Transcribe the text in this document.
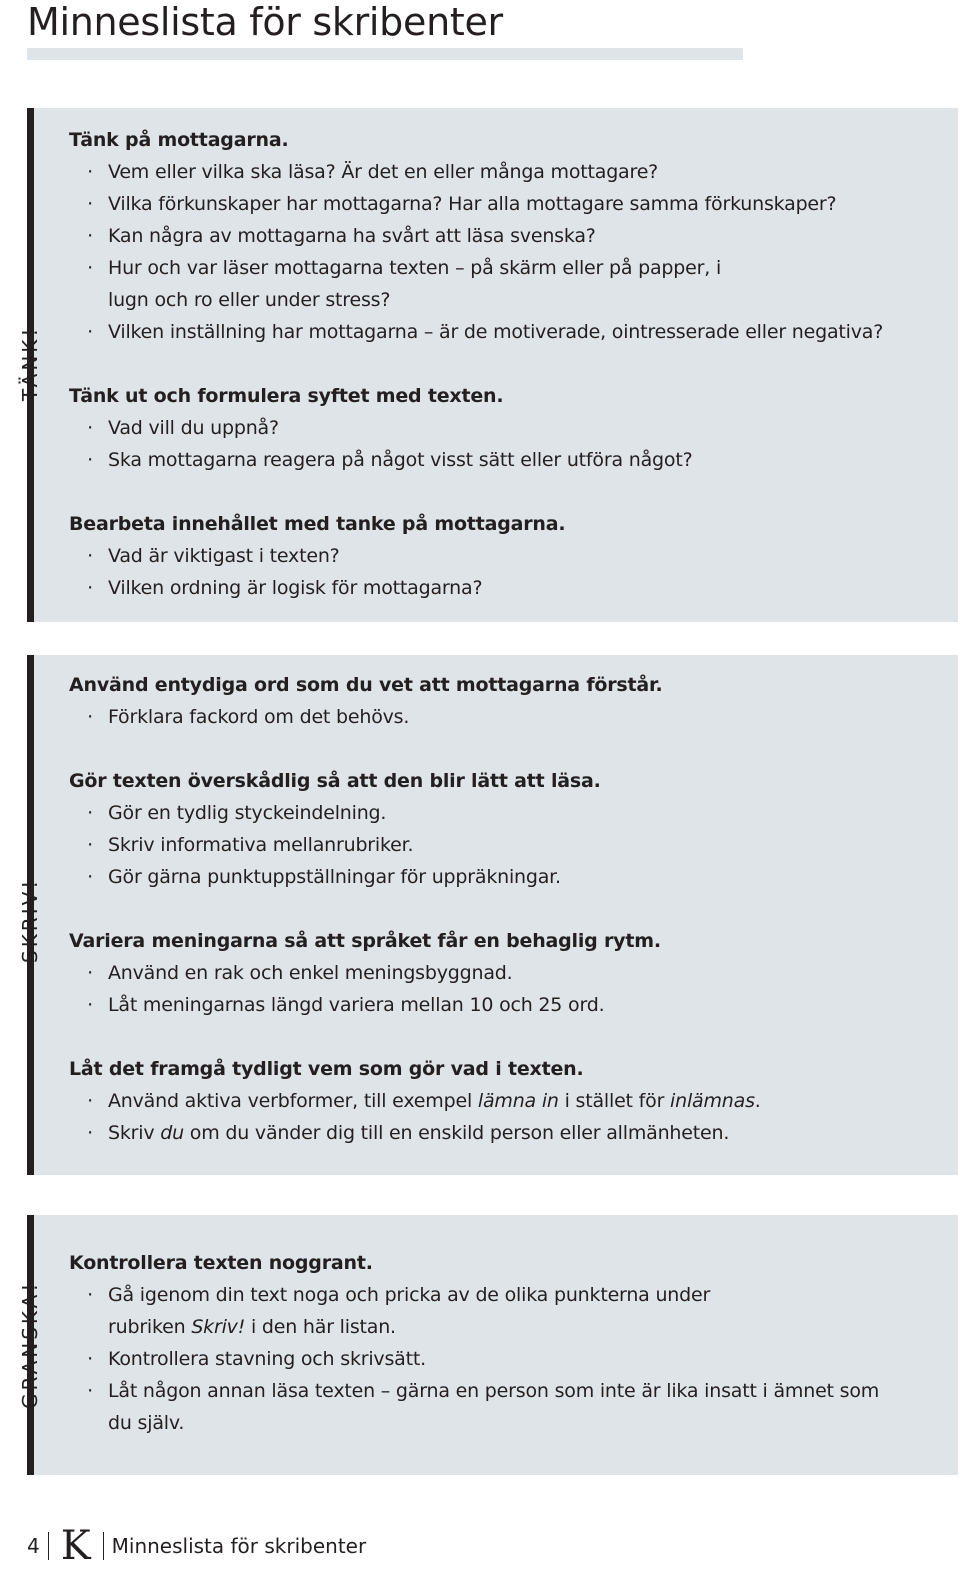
Minneslista för skribenter
TÄNK!

Tänk på mottagarna.

· Vem eller vilka ska läsa? Är det en eller många mottagare?
· Vilka förkunskaper har mottagarna? Har alla mottagare samma förkunskaper?
· Kan några av mottagarna ha svårt att läsa svenska?
· Hur och var läser mottagarna texten – på skärm eller på papper, i lugn och ro eller under stress?
· Vilken inställning har mottagarna – är de motiverade, ointresserade eller negativa?

Tänk ut och formulera syftet med texten.

· Vad vill du uppnå?
· Ska mottagarna reagera på något visst sätt eller utföra något?

Bearbeta innehållet med tanke på mottagarna.

· Vad är viktigast i texten?
· Vilken ordning är logisk för mottagarna?
SKRIV!

Använd entydiga ord som du vet att mottagarna förstår.

· Förklara fackord om det behövs.

Gör texten överskådlig så att den blir lätt att läsa.

· Gör en tydlig styckeindelning.
· Skriv informativa mellanrubriker.
· Gör gärna punktuppställningar för uppräkningar.

Variera meningarna så att språket får en behaglig rytm.

· Använd en rak och enkel meningsbyggnad.
· Låt meningarnas längd variera mellan 10 och 25 ord.

Låt det framgå tydligt vem som gör vad i texten.

· Använd aktiva verbformer, till exempel lämna in i stället för inlämnas.
· Skriv du om du vänder dig till en enskild person eller allmänheten.
GRANSKA!

Kontrollera texten noggrant.

· Gå igenom din text noga och pricka av de olika punkterna under rubriken Skriv! i den här listan.
· Kontrollera stavning och skrivsätt.
· Låt någon annan läsa texten – gärna en person som inte är lika insatt i ämnet som du själv.
4 K Minneslista för skribenter
